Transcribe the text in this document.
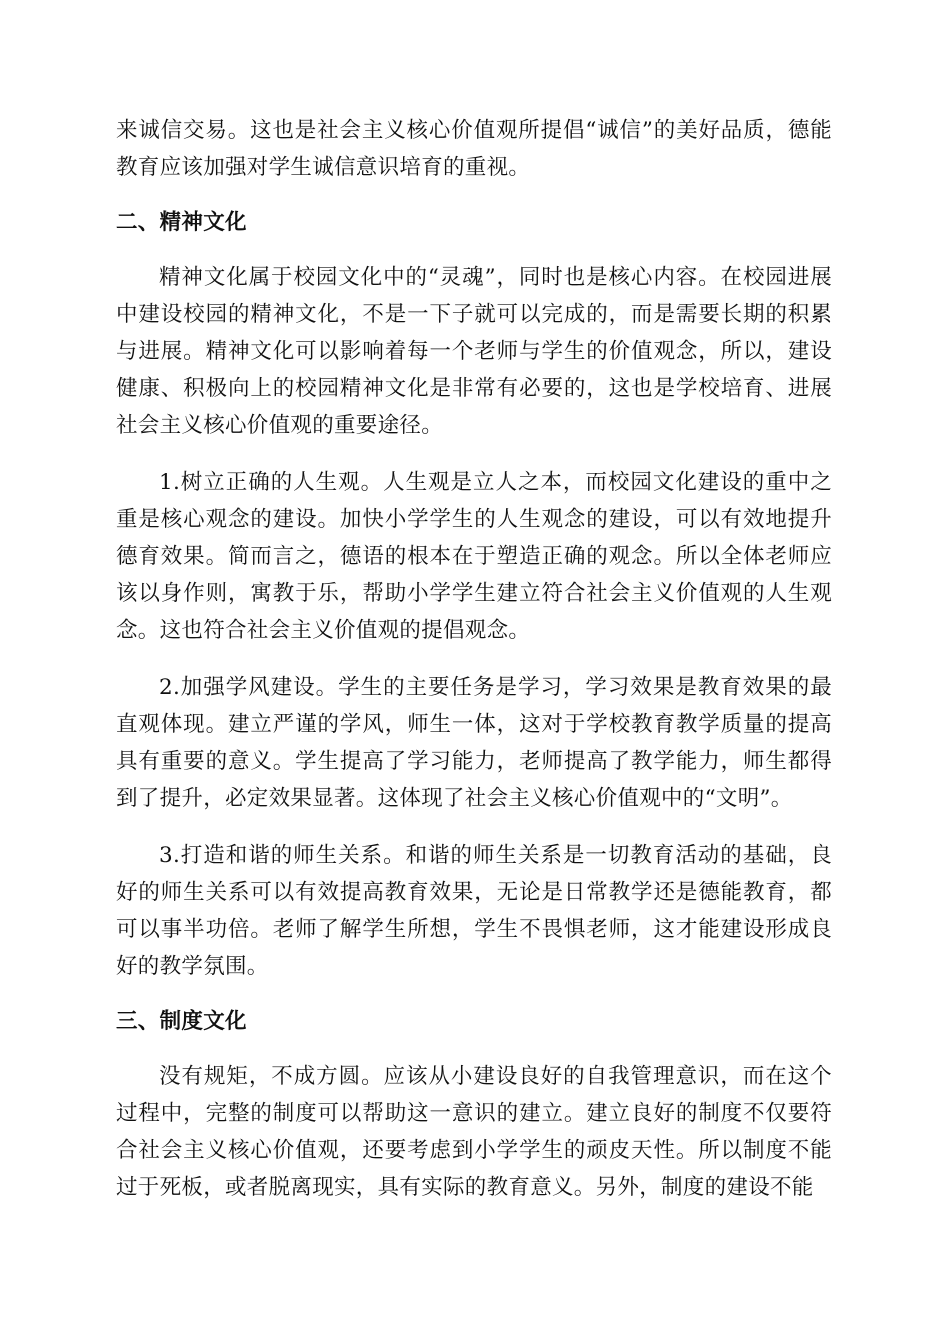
来诚信交易。这也是社会主义核心价值观所提倡“诚信”的美好品质，德能教育应该加强对学生诚信意识培育的重视。

二、精神文化

精神文化属于校园文化中的“灵魂”，同时也是核心内容。在校园进展中建设校园的精神文化，不是一下子就可以完成的，而是需要长期的积累与进展。精神文化可以影响着每一个老师与学生的价值观念，所以，建设健康、积极向上的校园精神文化是非常有必要的，这也是学校培育、进展社会主义核心价值观的重要途径。

1.树立正确的人生观。人生观是立人之本，而校园文化建设的重中之重是核心观念的建设。加快小学学生的人生观念的建设，可以有效地提升德育效果。简而言之，德语的根本在于塑造正确的观念。所以全体老师应该以身作则，寓教于乐，帮助小学学生建立符合社会主义价值观的人生观念。这也符合社会主义价值观的提倡观念。

2.加强学风建设。学生的主要任务是学习，学习效果是教育效果的最直观体现。建立严谨的学风，师生一体，这对于学校教育教学质量的提高具有重要的意义。学生提高了学习能力，老师提高了教学能力，师生都得到了提升，必定效果显著。这体现了社会主义核心价值观中的“文明”。

3.打造和谐的师生关系。和谐的师生关系是一切教育活动的基础，良好的师生关系可以有效提高教育效果，无论是日常教学还是德能教育，都可以事半功倍。老师了解学生所想，学生不畏惧老师，这才能建设形成良好的教学氛围。

三、制度文化

没有规矩，不成方圆。应该从小建设良好的自我管理意识，而在这个过程中，完整的制度可以帮助这一意识的建立。建立良好的制度不仅要符合社会主义核心价值观，还要考虑到小学学生的顽皮天性。所以制度不能过于死板，或者脱离现实，具有实际的教育意义。另外，制度的建设不能
